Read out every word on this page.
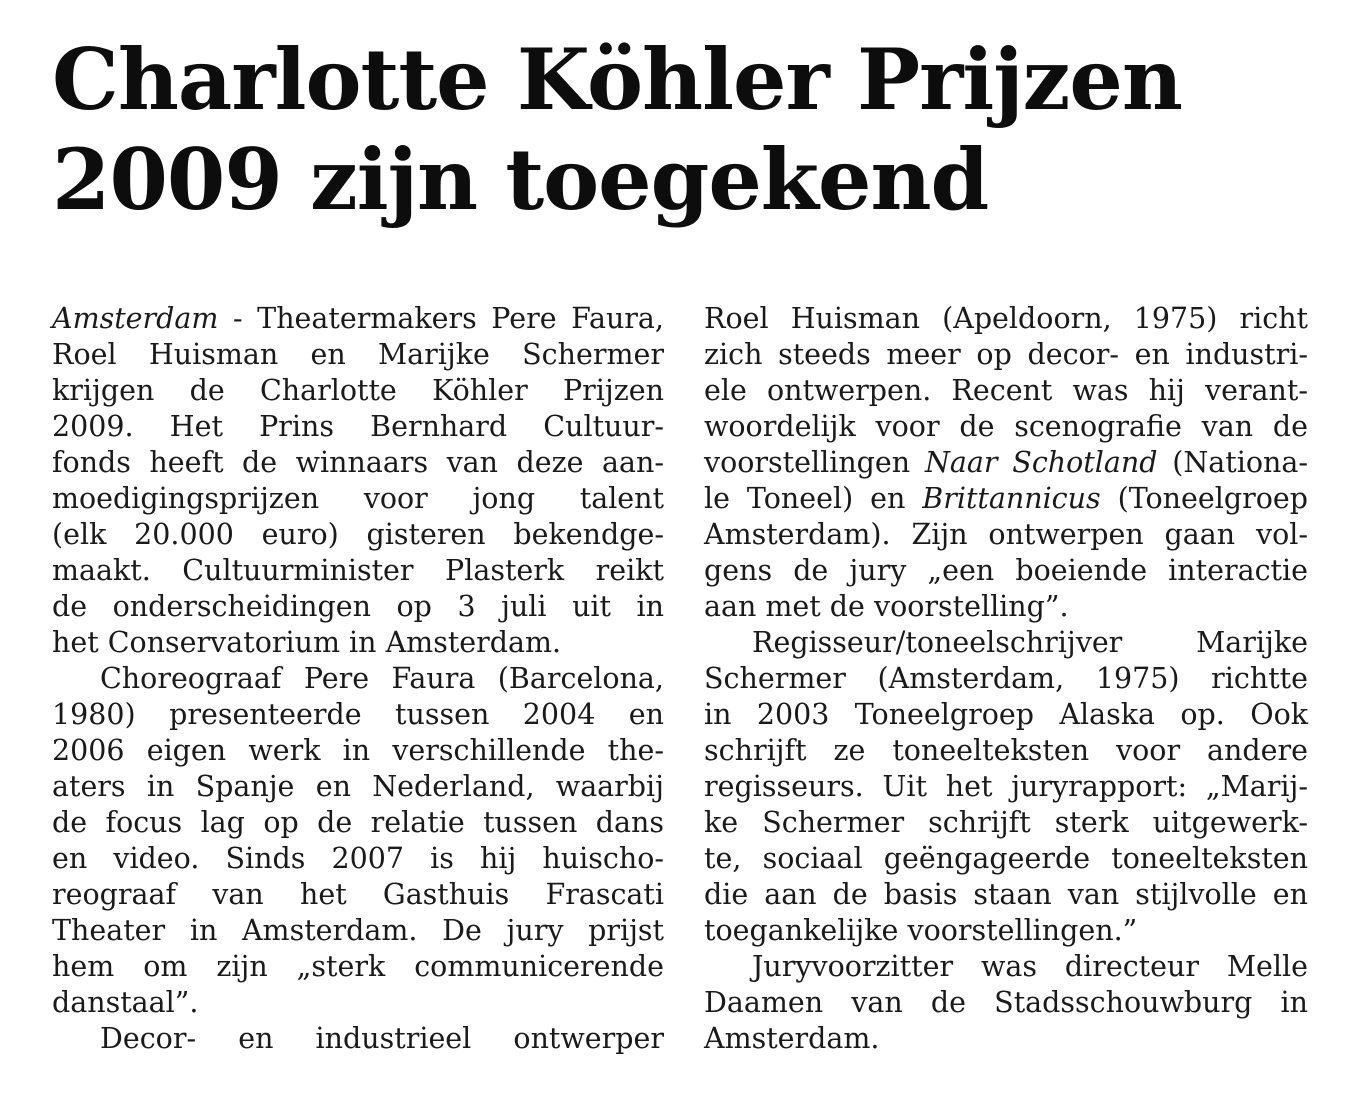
Charlotte Köhler Prijzen
2009 zijn toegekend

Amsterdam - Theatermakers Pere Faura,
Roel Huisman en Marijke Schermer
krijgen de Charlotte Köhler Prijzen
2009. Het Prins Bernhard Cultuur-
fonds heeft de winnaars van deze aan-
moedigingsprijzen voor jong talent
(elk 20.000 euro) gisteren bekendge-
maakt. Cultuurminister Plasterk reikt
de onderscheidingen op 3 juli uit in
het Conservatorium in Amsterdam.

Choreograaf Pere Faura (Barcelona,
1980) presenteerde tussen 2004 en
2006 eigen werk in verschillende the-
aters in Spanje en Nederland, waarbij
de focus lag op de relatie tussen dans
en video. Sinds 2007 is hij huischo-
reograaf van het Gasthuis Frascati
Theater in Amsterdam. De jury prijst
hem om zijn „sterk communicerende
danstaal”.

Decor- en industrieel ontwerper

Roel Huisman (Apeldoorn, 1975) richt
zich steeds meer op decor- en industri-
ele ontwerpen. Recent was hij verant-
woordelijk voor de scenografie van de
voorstellingen Naar Schotland (Nationa-
le Toneel) en Brittannicus (Toneelgroep
Amsterdam). Zijn ontwerpen gaan vol-
gens de jury „een boeiende interactie
aan met de voorstelling”.

Regisseur/toneelschrijver Marijke
Schermer (Amsterdam, 1975) richtte
in 2003 Toneelgroep Alaska op. Ook
schrijft ze toneelteksten voor andere
regisseurs. Uit het juryrapport: „Marij-
ke Schermer schrijft sterk uitgewerk-
te, sociaal geëngageerde toneelteksten
die aan de basis staan van stijlvolle en
toegankelijke voorstellingen.”

Juryvoorzitter was directeur Melle
Daamen van de Stadsschouwburg in
Amsterdam.
